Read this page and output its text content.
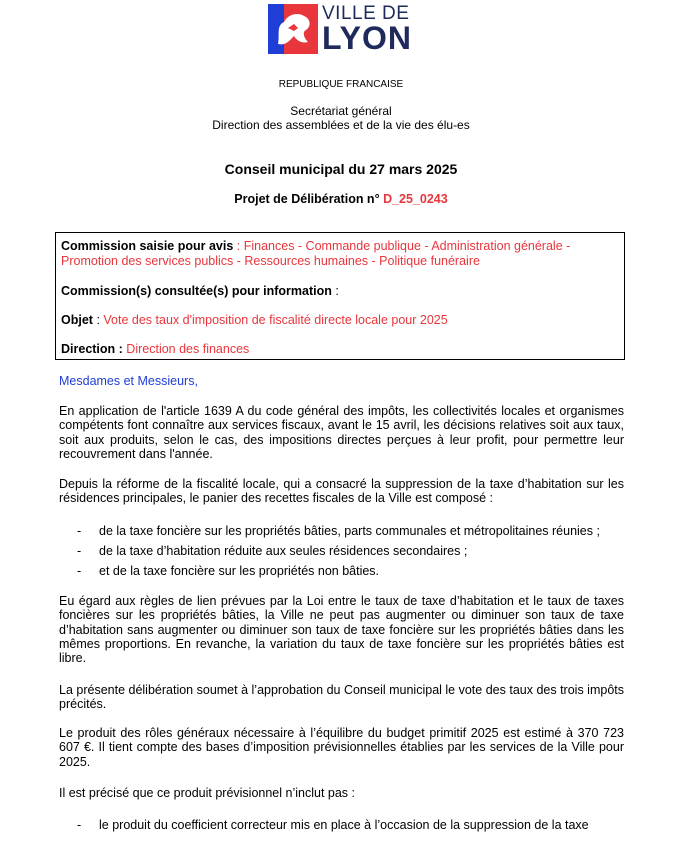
VILLE DE
LYON
REPUBLIQUE FRANCAISE
Secrétariat général
Direction des assemblées et de la vie des élu-es
Conseil municipal du 27 mars 2025
Projet de Délibération n° D_25_0243

Commission saisie pour avis : Finances - Commande publique - Administration générale - Promotion des services publics - Ressources humaines - Politique funéraire

Commission(s) consultée(s) pour information :

Objet : Vote des taux d'imposition de fiscalité directe locale pour 2025

Direction : Direction des finances

Mesdames et Messieurs,

En application de l'article 1639 A du code général des impôts, les collectivités locales et organismes compétents font connaître aux services fiscaux, avant le 15 avril, les décisions relatives soit aux taux, soit aux produits, selon le cas, des impositions directes perçues à leur profit, pour permettre leur recouvrement dans l'année.

Depuis la réforme de la fiscalité locale, qui a consacré la suppression de la taxe d’habitation sur les résidences principales, le panier des recettes fiscales de la Ville est composé :

- de la taxe foncière sur les propriétés bâties, parts communales et métropolitaines réunies ;
- de la taxe d’habitation réduite aux seules résidences secondaires ;
- et de la taxe foncière sur les propriétés non bâties.

Eu égard aux règles de lien prévues par la Loi entre le taux de taxe d’habitation et le taux de taxes foncières sur les propriétés bâties, la Ville ne peut pas augmenter ou diminuer son taux de taxe d’habitation sans augmenter ou diminuer son taux de taxe foncière sur les propriétés bâties dans les mêmes proportions. En revanche, la variation du taux de taxe foncière sur les propriétés bâties est libre.

La présente délibération soumet à l’approbation du Conseil municipal le vote des taux des trois impôts précités.

Le produit des rôles généraux nécessaire à l’équilibre du budget primitif 2025 est estimé à 370 723 607 €. Il tient compte des bases d’imposition prévisionnelles établies par les services de la Ville pour 2025.

Il est précisé que ce produit prévisionnel n’inclut pas :

- le produit du coefficient correcteur mis en place à l’occasion de la suppression de la taxe
